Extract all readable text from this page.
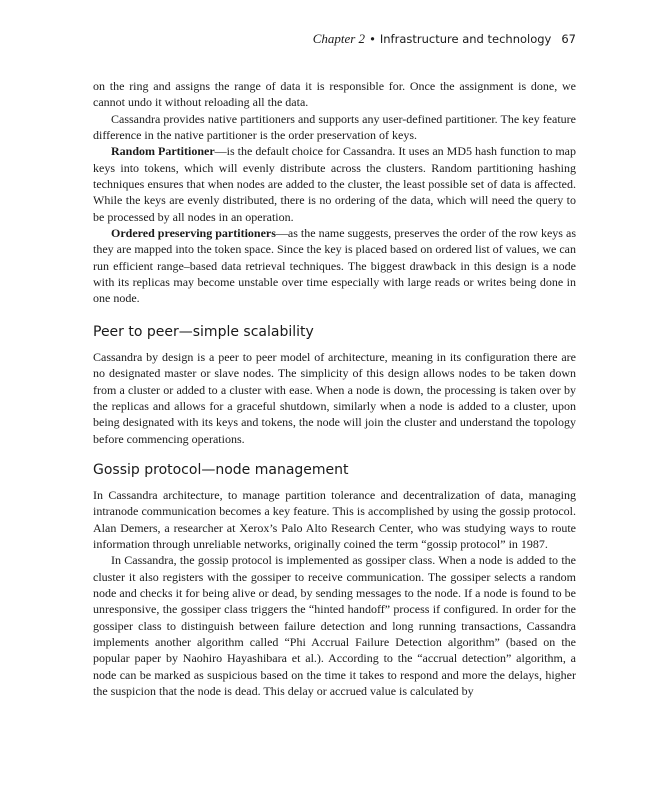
Chapter 2 • Infrastructure and technology 67

on the ring and assigns the range of data it is responsible for. Once the assignment is done, we cannot undo it without reloading all the data.

Cassandra provides native partitioners and supports any user-defined partitioner. The key feature difference in the native partitioner is the order preservation of keys.

Random Partitioner—is the default choice for Cassandra. It uses an MD5 hash function to map keys into tokens, which will evenly distribute across the clusters. Random partitioning hashing techniques ensures that when nodes are added to the cluster, the least possible set of data is affected. While the keys are evenly distributed, there is no ordering of the data, which will need the query to be processed by all nodes in an operation.

Ordered preserving partitioners—as the name suggests, preserves the order of the row keys as they are mapped into the token space. Since the key is placed based on ordered list of values, we can run efficient range–based data retrieval techniques. The biggest drawback in this design is a node with its replicas may become unstable over time especially with large reads or writes being done in one node.

Peer to peer—simple scalability

Cassandra by design is a peer to peer model of architecture, meaning in its configuration there are no designated master or slave nodes. The simplicity of this design allows nodes to be taken down from a cluster or added to a cluster with ease. When a node is down, the processing is taken over by the replicas and allows for a graceful shutdown, similarly when a node is added to a cluster, upon being designated with its keys and tokens, the node will join the cluster and understand the topology before commencing operations.

Gossip protocol—node management

In Cassandra architecture, to manage partition tolerance and decentralization of data, managing intranode communication becomes a key feature. This is accomplished by using the gossip protocol. Alan Demers, a researcher at Xerox’s Palo Alto Research Center, who was studying ways to route information through unreliable networks, originally coined the term “gossip protocol” in 1987.

In Cassandra, the gossip protocol is implemented as gossiper class. When a node is added to the cluster it also registers with the gossiper to receive communication. The gossiper selects a random node and checks it for being alive or dead, by sending messages to the node. If a node is found to be unresponsive, the gossiper class triggers the “hinted handoff” process if configured. In order for the gossiper class to distinguish between failure detection and long running transactions, Cassandra implements another algorithm called “Phi Accrual Failure Detection algorithm” (based on the popular paper by Naohiro Hayashibara et al.). According to the “accrual detection” algorithm, a node can be marked as suspicious based on the time it takes to respond and more the delays, higher the suspicion that the node is dead. This delay or accrued value is calculated by
